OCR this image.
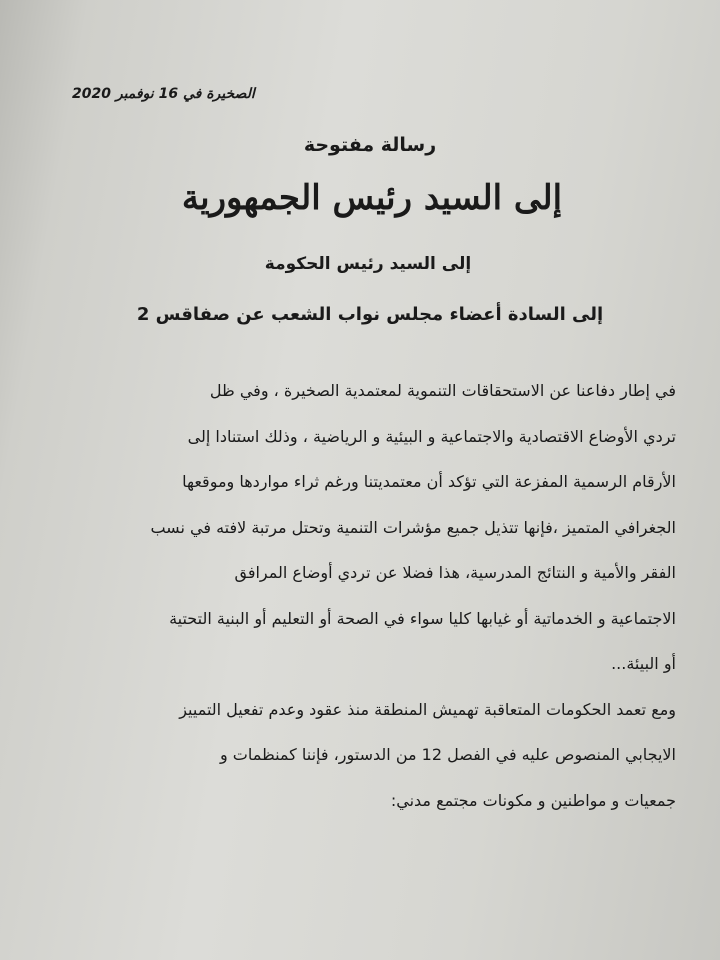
الصخيرة في 16 نوفمبر 2020
رسالة مفتوحة
إلى السيد رئيس الجمهورية
إلى السيد رئيس الحكومة
إلى السادة أعضاء مجلس نواب الشعب عن صفاقس 2
في إطار دفاعنا عن الاستحقاقات التنموية لمعتمدية الصخيرة ، وفي ظل
تردي الأوضاع الاقتصادية والاجتماعية و البيئية و الرياضية ، وذلك استنادا إلى
الأرقام الرسمية المفزعة التي تؤكد أن معتمديتنا ورغم ثراء مواردها وموقعها
الجغرافي المتميز ،فإنها تتذيل جميع مؤشرات التنمية وتحتل مرتبة لافته في نسب
الفقر والأمية و النتائج المدرسية، هذا فضلا عن تردي أوضاع المرافق
الاجتماعية و الخدماتية أو غيابها كليا سواء في الصحة أو التعليم أو البنية التحتية
أو البيئة...
ومع تعمد الحكومات المتعاقبة تهميش المنطقة منذ عقود وعدم تفعيل التمييز
الايجابي المنصوص عليه في الفصل 12 من الدستور، فإننا كمنظمات و
جمعيات و مواطنين و مكونات مجتمع مدني:
